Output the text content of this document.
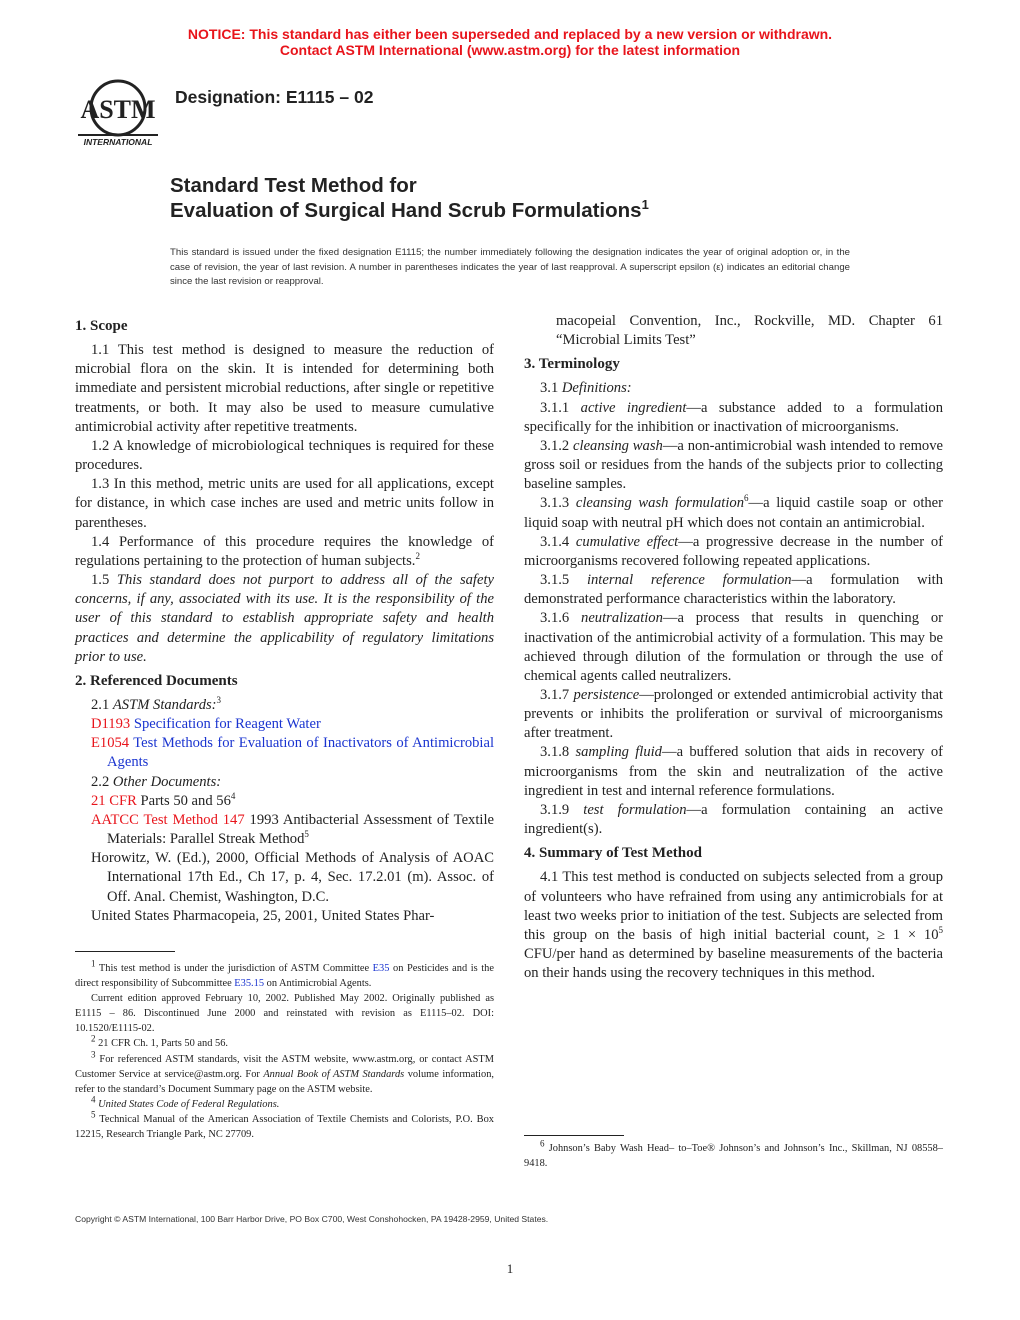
NOTICE: This standard has either been superseded and replaced by a new version or withdrawn.
Contact ASTM International (www.astm.org) for the latest information
ASTM
INTERNATIONAL
Designation: E1115 – 02
Standard Test Method for
Evaluation of Surgical Hand Scrub Formulations$^1$
This standard is issued under the fixed designation E1115; the number immediately following the designation indicates the year of original adoption or, in the case of revision, the year of last revision. A number in parentheses indicates the year of last reapproval. A superscript epsilon (ε) indicates an editorial change since the last revision or reapproval.
1. Scope
1.1 This test method is designed to measure the reduction of microbial flora on the skin. It is intended for determining both immediate and persistent microbial reductions, after single or repetitive treatments, or both. It may also be used to measure cumulative antimicrobial activity after repetitive treatments.
1.2 A knowledge of microbiological techniques is required for these procedures.
1.3 In this method, metric units are used for all applications, except for distance, in which case inches are used and metric units follow in parentheses.
1.4 Performance of this procedure requires the knowledge of regulations pertaining to the protection of human subjects.$^2$
1.5 This standard does not purport to address all of the safety concerns, if any, associated with its use. It is the responsibility of the user of this standard to establish appropriate safety and health practices and determine the applicability of regulatory limitations prior to use.
2. Referenced Documents
2.1 ASTM Standards:$^3$
D1193 Specification for Reagent Water
E1054 Test Methods for Evaluation of Inactivators of Antimicrobial Agents
2.2 Other Documents:
21 CFR Parts 50 and $56^4$
AATCC Test Method 147 1993 Antibacterial Assessment of Textile Materials: Parallel Streak Method$^5$
Horowitz, W. (Ed.), 2000, Official Methods of Analysis of AOAC International 17th Ed., Ch 17, p. 4, Sec. 17.2.01 (m). Assoc. of Off. Anal. Chemist, Washington, D.C.
United States Pharmacopeia, 25, 2001, United States Phar-
macopeial Convention, Inc., Rockville, MD. Chapter 61 “Microbial Limits Test”
3. Terminology
3.1 Definitions:
3.1.1 active ingredient—a substance added to a formulation specifically for the inhibition or inactivation of microorganisms.
3.1.2 cleansing wash—a non-antimicrobial wash intended to remove gross soil or residues from the hands of the subjects prior to collecting baseline samples.
3.1.3 cleansing wash formulation$^6$—a liquid castile soap or other liquid soap with neutral pH which does not contain an antimicrobial.
3.1.4 cumulative effect—a progressive decrease in the number of microorganisms recovered following repeated applications.
3.1.5 internal reference formulation—a formulation with demonstrated performance characteristics within the laboratory.
3.1.6 neutralization—a process that results in quenching or inactivation of the antimicrobial activity of a formulation. This may be achieved through dilution of the formulation or through the use of chemical agents called neutralizers.
3.1.7 persistence—prolonged or extended antimicrobial activity that prevents or inhibits the proliferation or survival of microorganisms after treatment.
3.1.8 sampling fluid—a buffered solution that aids in recovery of microorganisms from the skin and neutralization of the active ingredient in test and internal reference formulations.
3.1.9 test formulation—a formulation containing an active ingredient(s).
4. Summary of Test Method
4.1 This test method is conducted on subjects selected from a group of volunteers who have refrained from using any antimicrobials for at least two weeks prior to initiation of the test. Subjects are selected from this group on the basis of high initial bacterial count, ≥ $1 \times 10^5$ CFU/per hand as determined by baseline measurements of the bacteria on their hands using the recovery techniques in this method.

$^1$ This test method is under the jurisdiction of ASTM Committee E35 on Pesticides and is the direct responsibility of Subcommittee E35.15 on Antimicrobial Agents.

Current edition approved February 10, 2002. Published May 2002. Originally published as E1115 – 86. Discontinued June 2000 and reinstated with revision as E1115–02. DOI: 10.1520/E1115-02.

$^2$ 21 CFR Ch. 1, Parts 50 and 56.

$^3$ For referenced ASTM standards, visit the ASTM website, www.astm.org, or contact ASTM Customer Service at service@astm.org. For Annual Book of ASTM Standards volume information, refer to the standard’s Document Summary page on the ASTM website.

$^4$ United States Code of Federal Regulations.

$^5$ Technical Manual of the American Association of Textile Chemists and Colorists, P.O. Box 12215, Research Triangle Park, NC 27709.

$^6$ Johnson’s Baby Wash Head– to–Toe® Johnson’s and Johnson’s Inc., Skillman, NJ 08558–9418.

Copyright © ASTM International, 100 Barr Harbor Drive, PO Box C700, West Conshohocken, PA 19428-2959, United States.
1
